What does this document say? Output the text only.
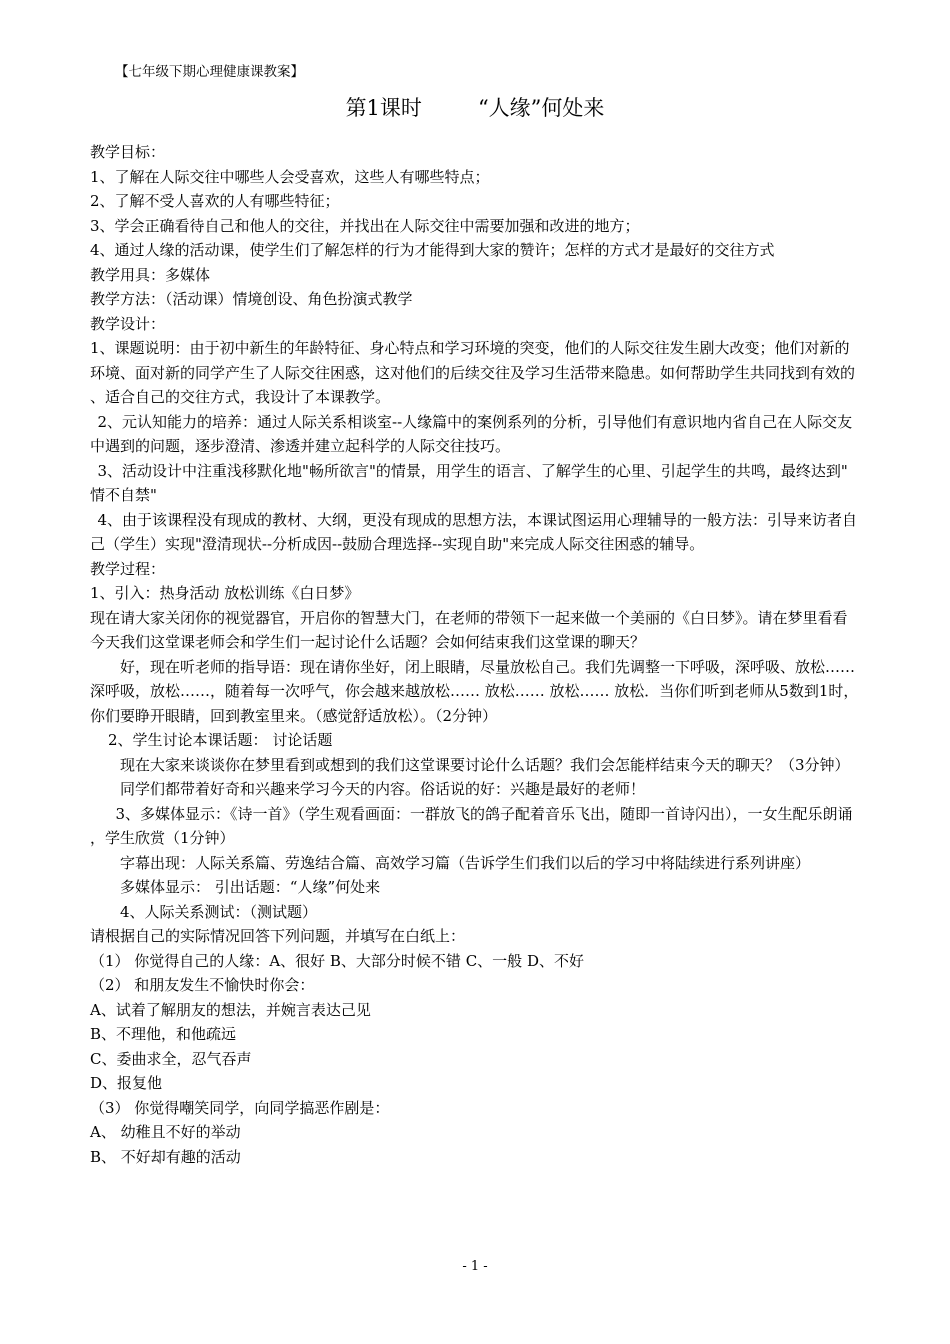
【七年级下期心理健康课教案】
第1课时	“人缘”何处来

教学目标：

1、了解在人际交往中哪些人会受喜欢，这些人有哪些特点；

2、了解不受人喜欢的人有哪些特征；

3、学会正确看待自己和他人的交往，并找出在人际交往中需要加强和改进的地方；

4、通过人缘的活动课，使学生们了解怎样的行为才能得到大家的赞许；怎样的方式才是最好的交往方式

教学用具：多媒体

教学方法：（活动课）情境创设、角色扮演式教学

教学设计：

1、课题说明：由于初中新生的年龄特征、身心特点和学习环境的突变，他们的人际交往发生剧大改变；他们对新的环境、面对新的同学产生了人际交往困惑，这对他们的后续交往及学习生活带来隐患。如何帮助学生共同找到有效的、适合自己的交往方式，我设计了本课教学。

2、元认知能力的培养：通过人际关系相谈室--人缘篇中的案例系列的分析，引导他们有意识地内省自己在人际交友中遇到的问题，逐步澄清、渗透并建立起科学的人际交往技巧。

3、活动设计中注重浅移默化地"畅所欲言"的情景，用学生的语言、了解学生的心里、引起学生的共鸣，最终达到"情不自禁"

4、由于该课程没有现成的教材、大纲，更没有现成的思想方法，本课试图运用心理辅导的一般方法：引导来访者自己（学生）实现"澄清现状--分析成因--鼓励合理选择--实现自助"来完成人际交往困惑的辅导。

教学过程：

1、引入：热身活动 放松训练《白日梦》

现在请大家关闭你的视觉器官，开启你的智慧大门，在老师的带领下一起来做一个美丽的《白日梦》。请在梦里看看今天我们这堂课老师会和学生们一起讨论什么话题？会如何结束我们这堂课的聊天？

好，现在听老师的指导语：现在请你坐好，闭上眼睛，尽量放松自己。我们先调整一下呼吸，深呼吸、放松…… 深呼吸，放松……，随着每一次呼气，你会越来越放松…… 放松…… 放松…… 放松．当你们听到老师从5数到1时，你们要睁开眼睛，回到教室里来。（感觉舒适放松）。（2分钟）

2、学生讨论本课话题： 讨论话题

现在大家来谈谈你在梦里看到或想到的我们这堂课要讨论什么话题？我们会怎能样结束今天的聊天？（3分钟）

同学们都带着好奇和兴趣来学习今天的内容。俗话说的好：兴趣是最好的老师！

3、多媒体显示：《诗一首》（学生观看画面：一群放飞的鸽子配着音乐飞出，随即一首诗闪出），一女生配乐朗诵，学生欣赏（1分钟）

字幕出现：人际关系篇、劳逸结合篇、高效学习篇（告诉学生们我们以后的学习中将陆续进行系列讲座）

多媒体显示： 引出话题：“人缘”何处来

4、人际关系测试：（测试题）

请根据自己的实际情况回答下列问题，并填写在白纸上：

（1） 你觉得自己的人缘：A、很好 B、大部分时候不错 C、一般 D、不好

（2） 和朋友发生不愉快时你会：

A、试着了解朋友的想法，并婉言表达己见

B、不理他，和他疏远

C、委曲求全，忍气吞声

D、报复他

（3） 你觉得嘲笑同学，向同学搞恶作剧是：

A、 幼稚且不好的举动

B、 不好却有趣的活动

- 1 -
